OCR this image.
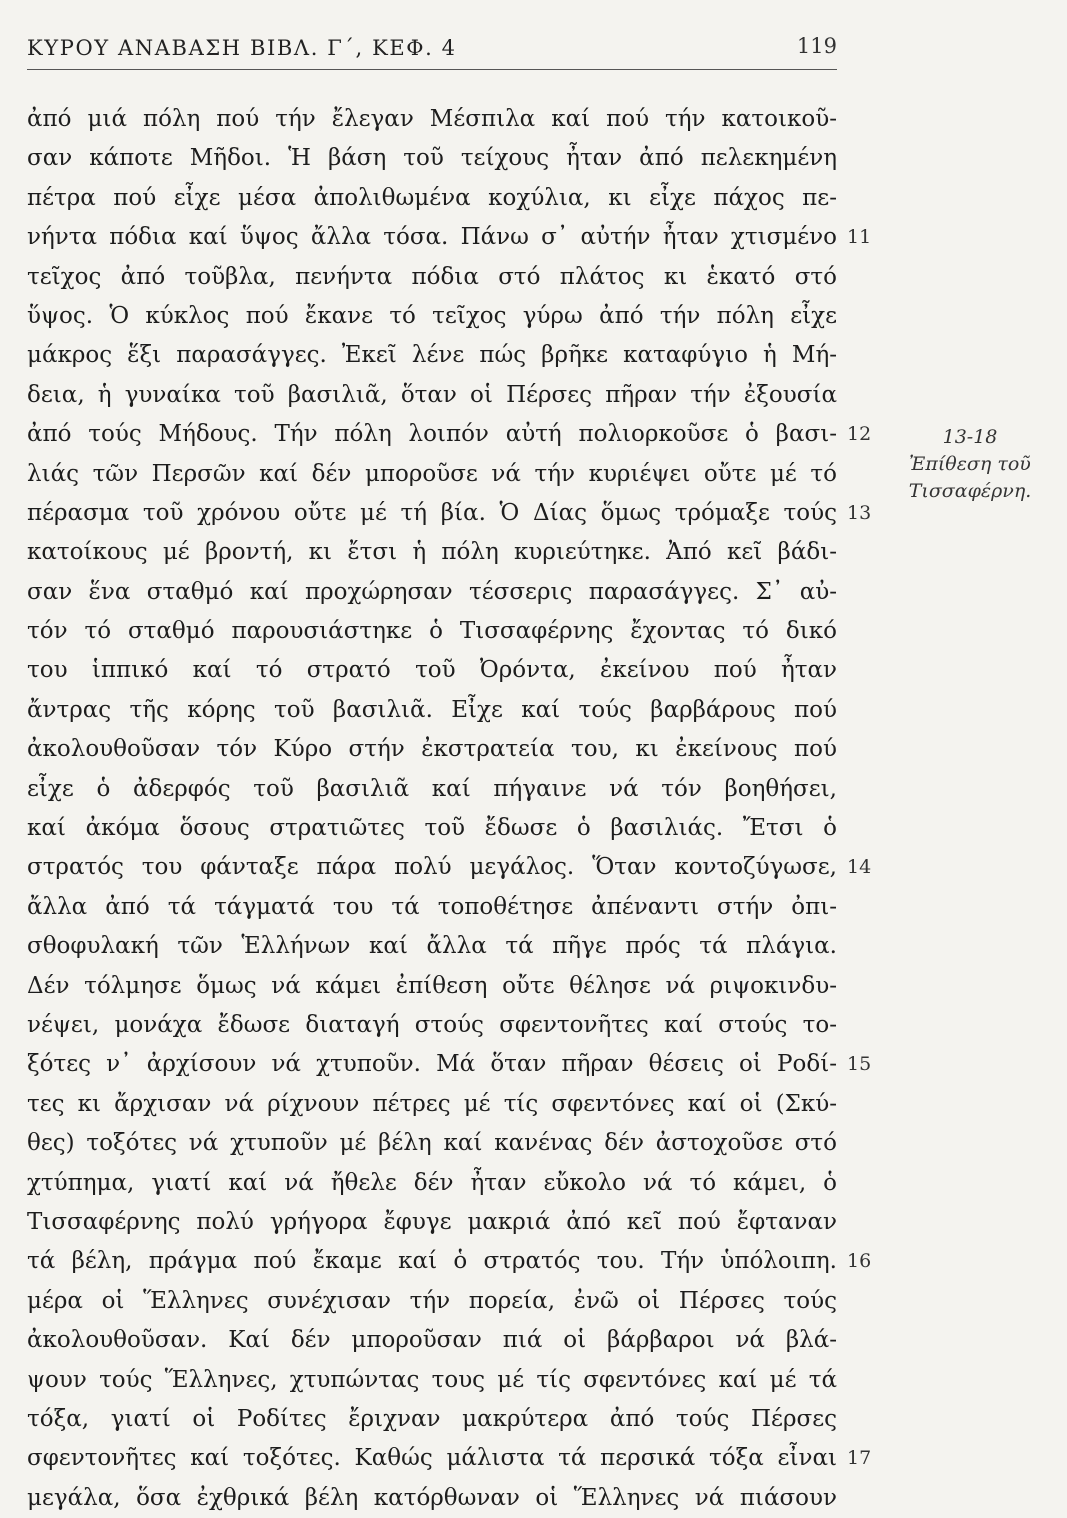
ΚΥΡΟΥ ΑΝΑΒΑΣΗ ΒΙΒΛ. Γ΄, ΚΕΦ. 4	119
ἀπό μιά πόλη πού τήν ἔλεγαν Μέσπιλα καί πού τήν κατοικοῦ-
σαν κάποτε Μῆδοι. Ἡ βάση τοῦ τείχους ἦταν ἀπό πελεκημένη
πέτρα πού εἶχε μέσα ἀπολιθωμένα κοχύλια, κι εἶχε πάχος πε-
νήντα πόδια καί ὕψος ἄλλα τόσα. Πάνω σ᾽ αὐτήν ἦταν χτισμένο 11
τεῖχος ἀπό τοῦβλα, πενήντα πόδια στό πλάτος κι ἑκατό στό
ὕψος. Ὁ κύκλος πού ἔκανε τό τεῖχος γύρω ἀπό τήν πόλη εἶχε
μάκρος ἕξι παρασάγγες. Ἐκεῖ λένε πώς βρῆκε καταφύγιο ἡ Μή-
δεια, ἡ γυναίκα τοῦ βασιλιᾶ, ὅταν οἱ Πέρσες πῆραν τήν ἐξουσία
ἀπό τούς Μήδους. Τήν πόλη λοιπόν αὐτή πολιορκοῦσε ὁ βασι- 12
λιάς τῶν Περσῶν καί δέν μποροῦσε νά τήν κυριέψει οὔτε μέ τό
πέρασμα τοῦ χρόνου οὔτε μέ τή βία. Ὁ Δίας ὅμως τρόμαξε τούς 13
κατοίκους μέ βροντή, κι ἔτσι ἡ πόλη κυριεύτηκε. Ἀπό κεῖ βάδι-
σαν ἕνα σταθμό καί προχώρησαν τέσσερις παρασάγγες. Σ᾽ αὐ-
τόν τό σταθμό παρουσιάστηκε ὁ Τισσαφέρνης ἔχοντας τό δικό
του ἱππικό καί τό στρατό τοῦ Ὀρόντα, ἐκείνου πού ἦταν
ἄντρας τῆς κόρης τοῦ βασιλιᾶ. Εἶχε καί τούς βαρβάρους πού
ἀκολουθοῦσαν τόν Κύρο στήν ἐκστρατεία του, κι ἐκείνους πού
εἶχε ὁ ἀδερφός τοῦ βασιλιᾶ καί πήγαινε νά τόν βοηθήσει,
καί ἀκόμα ὅσους στρατιῶτες τοῦ ἔδωσε ὁ βασιλιάς. Ἔτσι ὁ
στρατός του φάνταξε πάρα πολύ μεγάλος. Ὅταν κοντοζύγωσε, 14
ἄλλα ἀπό τά τάγματά του τά τοποθέτησε ἀπέναντι στήν ὀπι-
σθοφυλακή τῶν Ἑλλήνων καί ἄλλα τά πῆγε πρός τά πλάγια.
Δέν τόλμησε ὅμως νά κάμει ἐπίθεση οὔτε θέλησε νά ριψοκινδυ-
νέψει, μονάχα ἔδωσε διαταγή στούς σφεντονῆτες καί στούς το-
ξότες ν᾽ ἀρχίσουν νά χτυποῦν. Μά ὅταν πῆραν θέσεις οἱ Ροδί- 15
τες κι ἄρχισαν νά ρίχνουν πέτρες μέ τίς σφεντόνες καί οἱ (Σκύ-
θες) τοξότες νά χτυποῦν μέ βέλη καί κανένας δέν ἀστοχοῦσε στό
χτύπημα, γιατί καί νά ἤθελε δέν ἦταν εὔκολο νά τό κάμει, ὁ
Τισσαφέρνης πολύ γρήγορα ἔφυγε μακριά ἀπό κεῖ πού ἔφταναν
τά βέλη, πράγμα πού ἔκαμε καί ὁ στρατός του. Τήν ὑπόλοιπη. 16
μέρα οἱ Ἕλληνες συνέχισαν τήν πορεία, ἐνῶ οἱ Πέρσες τούς
ἀκολουθοῦσαν. Καί δέν μποροῦσαν πιά οἱ βάρβαροι νά βλά-
ψουν τούς Ἕλληνες, χτυπώντας τους μέ τίς σφεντόνες καί μέ τά
τόξα, γιατί οἱ Ροδίτες ἔριχναν μακρύτερα ἀπό τούς Πέρσες
σφεντονῆτες καί τοξότες. Καθώς μάλιστα τά περσικά τόξα εἶναι 17
μεγάλα, ὅσα ἐχθρικά βέλη κατόρθωναν οἱ Ἕλληνες νά πιάσουν
13-18
Ἐπίθεση τοῦ
Τισσαφέρνη.
